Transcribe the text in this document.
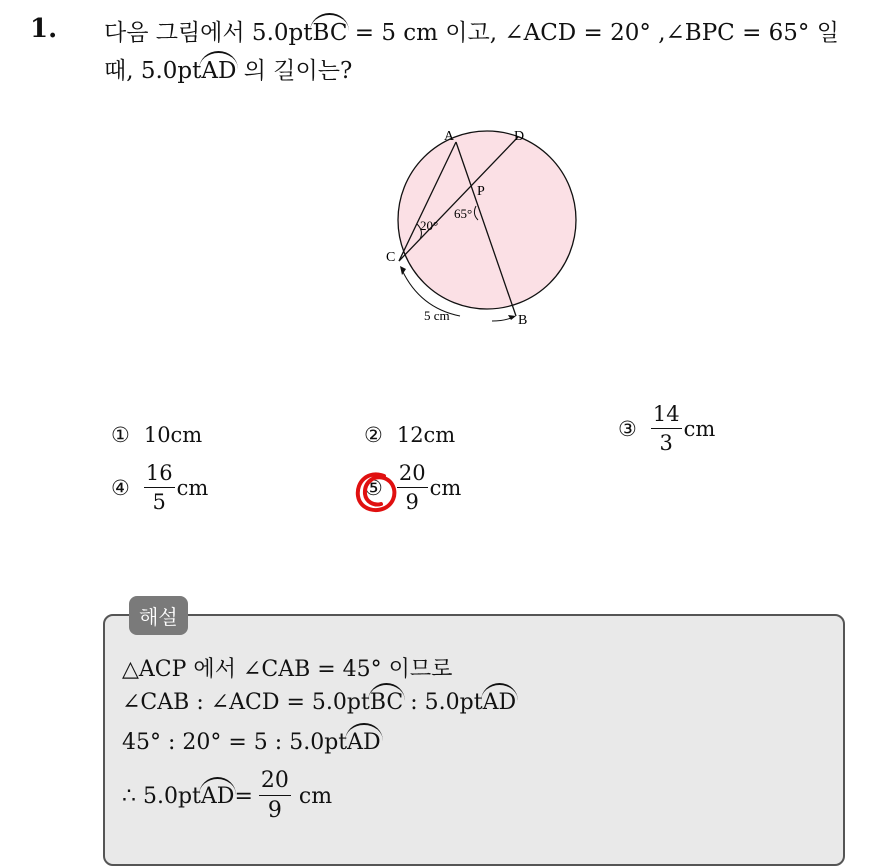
1. 다음 그림에서 5.0ptBC = 5 cm 이고, ∠ACD = 20° ,∠BPC = 65° 일
때, 5.0ptAD 의 길이는?
A	D
P
C
B
20°
65°
5 cm
① 10cm	② 12cm	③ $\frac{14}{3}$ cm
④ $\frac{16}{5}$ cm	⑤ $\frac{20}{9}$ cm
해설
△ACP 에서 ∠CAB = 45° 이므로
∠CAB : ∠ACD = 5.0ptBC : 5.0ptAD
45° : 20° = 5 : 5.0ptAD
∴ 5.0pt AD = $\frac{20}{9}$ cm
